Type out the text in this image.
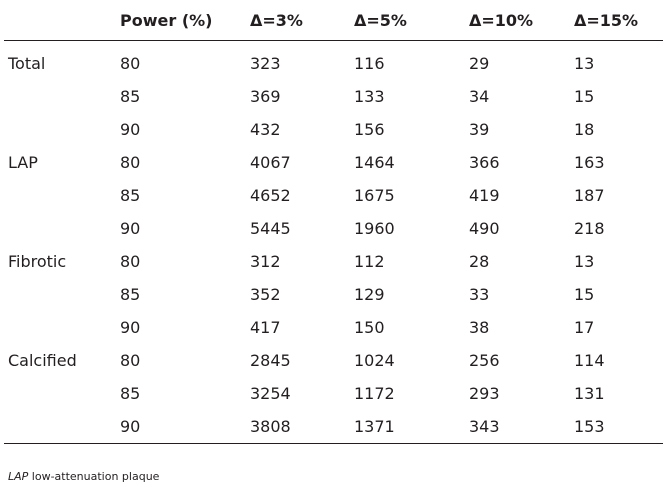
	Power (%)	Δ=3%	Δ=5%	Δ=10%	Δ=15%
Total	80	323	116	29	13
	85	369	133	34	15
	90	432	156	39	18
LAP	80	4067	1464	366	163
	85	4652	1675	419	187
	90	5445	1960	490	218
Fibrotic	80	312	112	28	13
	85	352	129	33	15
	90	417	150	38	17
Calcified	80	2845	1024	256	114
	85	3254	1172	293	131
	90	3808	1371	343	153
LAP low-attenuation plaque
